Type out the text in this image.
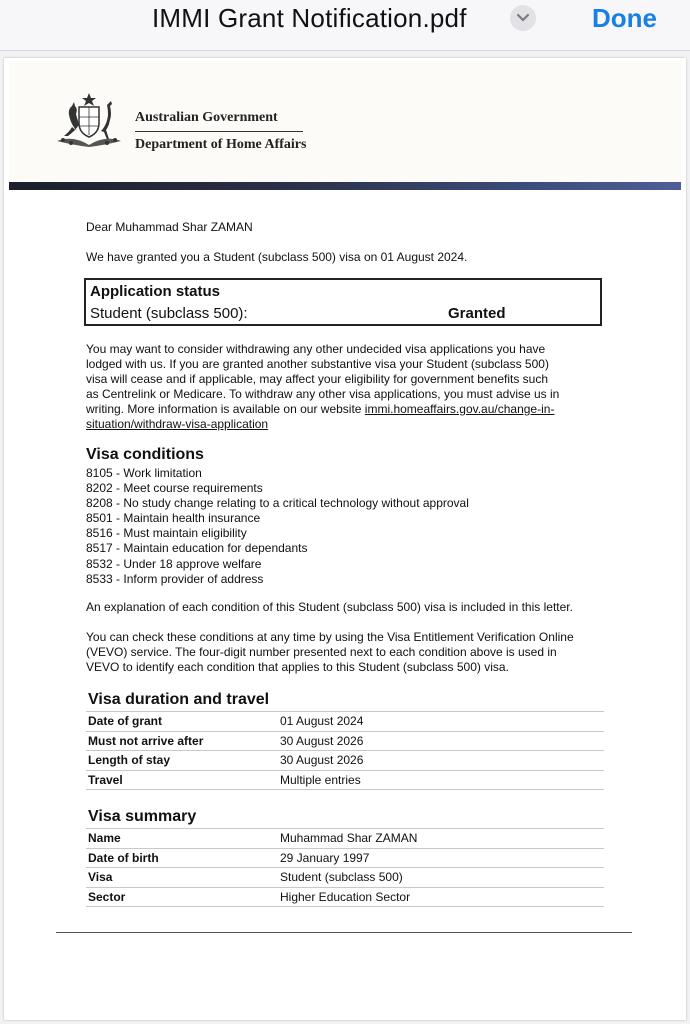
IMMI Grant Notification.pdf	Done
Australian Government
Department of Home Affairs
Dear Muhammad Shar ZAMAN
We have granted you a Student (subclass 500) visa on 01 August 2024.
Application status
Student (subclass 500):	Granted
You may want to consider withdrawing any other undecided visa applications you have
lodged with us. If you are granted another substantive visa your Student (subclass 500)
visa will cease and if applicable, may affect your eligibility for government benefits such
as Centrelink or Medicare. To withdraw any other visa applications, you must advise us in
writing. More information is available on our website immi.homeaffairs.gov.au/change-in-
situation/withdraw-visa-application
Visa conditions
8105 - Work limitation
8202 - Meet course requirements
8208 - No study change relating to a critical technology without approval
8501 - Maintain health insurance
8516 - Must maintain eligibility
8517 - Maintain education for dependants
8532 - Under 18 approve welfare
8533 - Inform provider of address
An explanation of each condition of this Student (subclass 500) visa is included in this letter.
You can check these conditions at any time by using the Visa Entitlement Verification Online
(VEVO) service. The four-digit number presented next to each condition above is used in
VEVO to identify each condition that applies to this Student (subclass 500) visa.
Visa duration and travel
Date of grant	01 August 2024
Must not arrive after	30 August 2026
Length of stay	30 August 2026
Travel	Multiple entries
Visa summary
Name	Muhammad Shar ZAMAN
Date of birth	29 January 1997
Visa	Student (subclass 500)
Sector	Higher Education Sector
